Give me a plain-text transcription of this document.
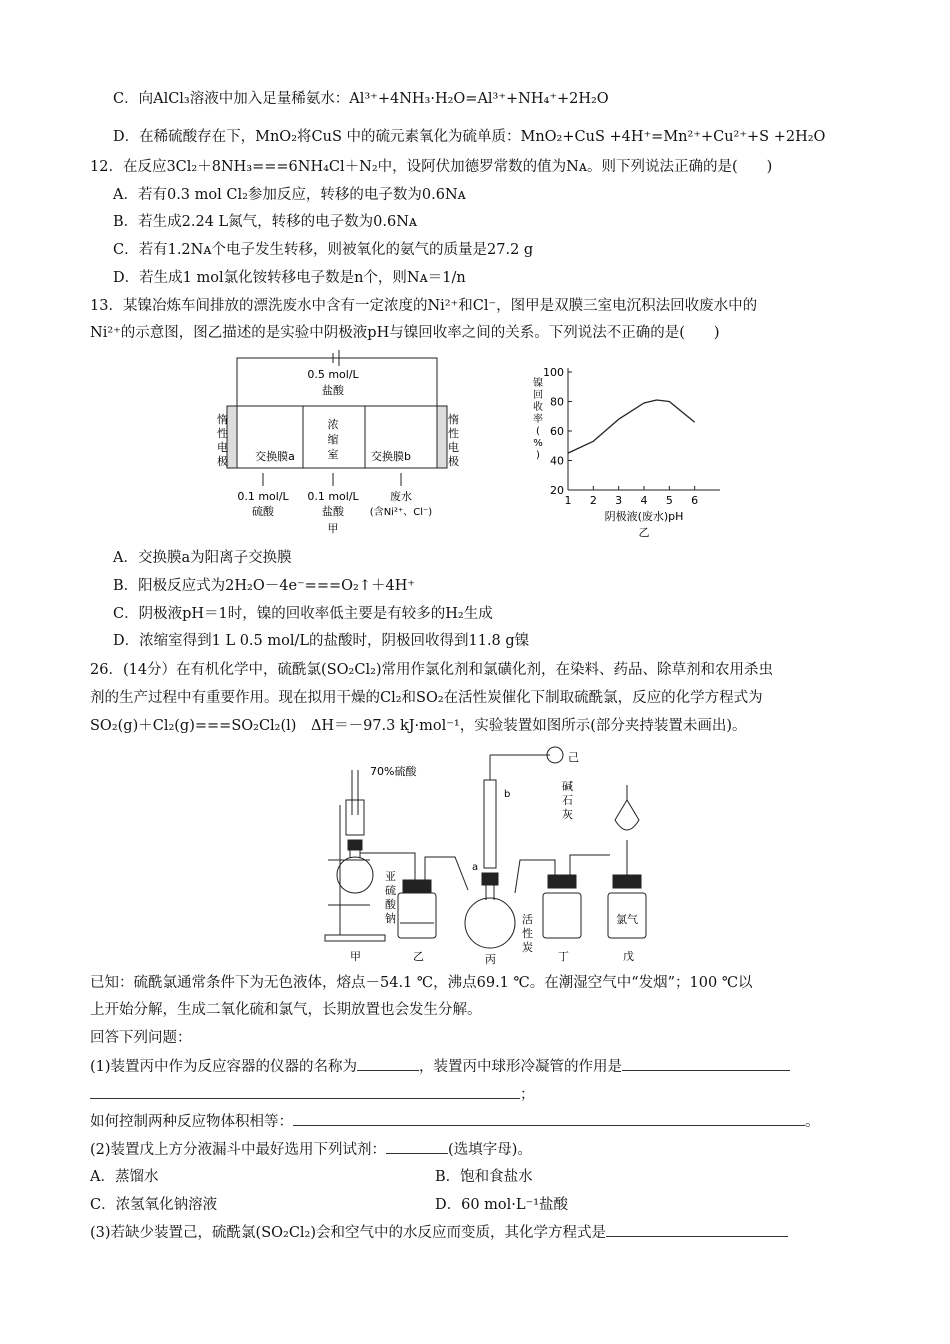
C．向AlCl₃溶液中加入足量稀氨水：Al³⁺+4NH₃·H₂O=Al³⁺+NH₄⁺+2H₂O
D．在稀硫酸存在下，MnO₂将CuS 中的硫元素氧化为硫单质：MnO₂+CuS +4H⁺=Mn²⁺+Cu²⁺+S +2H₂O
12．在反应3Cl₂＋8NH₃===6NH₄Cl＋N₂中，设阿伏加德罗常数的值为Nᴀ。则下列说法正确的是(　　)
A．若有0.3 mol Cl₂参加反应，转移的电子数为0.6Nᴀ
B．若生成2.24 L氮气，转移的电子数为0.6Nᴀ
C．若有1.2Nᴀ个电子发生转移，则被氧化的氨气的质量是27.2 g
D．若生成1 mol氯化铵转移电子数是n个，则Nᴀ＝1/n
13．某镍冶炼车间排放的漂洗废水中含有一定浓度的Ni²⁺和Cl⁻，图甲是双膜三室电沉积法回收废水中的
Ni²⁺的示意图，图乙描述的是实验中阴极液pH与镍回收率之间的关系。下列说法不正确的是(　　)
0.5 mol/L
盐酸
交换膜a	交换膜b
浓
缩
室
惰
性
电
极
惰
性
电
极
0.1 mol/L
硫酸
0.1 mol/L
盐酸
废水
(含Ni²⁺、Cl⁻)
甲
20
40
60
80
100
1 2 3 4 5 6
阴极液(废水)pH
乙
镍
回
收
率
(
%
)
A．交换膜a为阳离子交换膜
B．阳极反应式为2H₂O－4e⁻===O₂↑＋4H⁺
C．阴极液pH＝1时，镍的回收率低主要是有较多的H₂生成
D．浓缩室得到1 L 0.5 mol/L的盐酸时，阴极回收得到11.8 g镍
26．(14分）在有机化学中，硫酰氯(SO₂Cl₂)常用作氯化剂和氯磺化剂，在染料、药品、除草剂和农用杀虫
剂的生产过程中有重要作用。现在拟用干燥的Cl₂和SO₂在活性炭催化下制取硫酰氯，反应的化学方程式为
SO₂(g)＋Cl₂(g)===SO₂Cl₂(l)　ΔH＝－97.3 kJ·mol⁻¹，实验装置如图所示(部分夹持装置未画出)。
70%硫酸
亚
硫
酸
钠	活
性
炭
碱
石
灰
氯气
a
b
甲	乙	丙	丁	戊
己
已知：硫酰氯通常条件下为无色液体，熔点－54.1 ℃，沸点69.1 ℃。在潮湿空气中“发烟”；100 ℃以
上开始分解，生成二氧化硫和氯气，长期放置也会发生分解。
回答下列问题：
(1)装置丙中作为反应容器的仪器的名称为	，装置丙中球形冷凝管的作用是
；
如何控制两种反应物体积相等：	。
(2)装置戊上方分液漏斗中最好选用下列试剂：	(选填字母)。
A．蒸馏水	B．饱和食盐水
C．浓氢氧化钠溶液	D．60 mol·L⁻¹盐酸
(3)若缺少装置己，硫酰氯(SO₂Cl₂)会和空气中的水反应而变质，其化学方程式是
